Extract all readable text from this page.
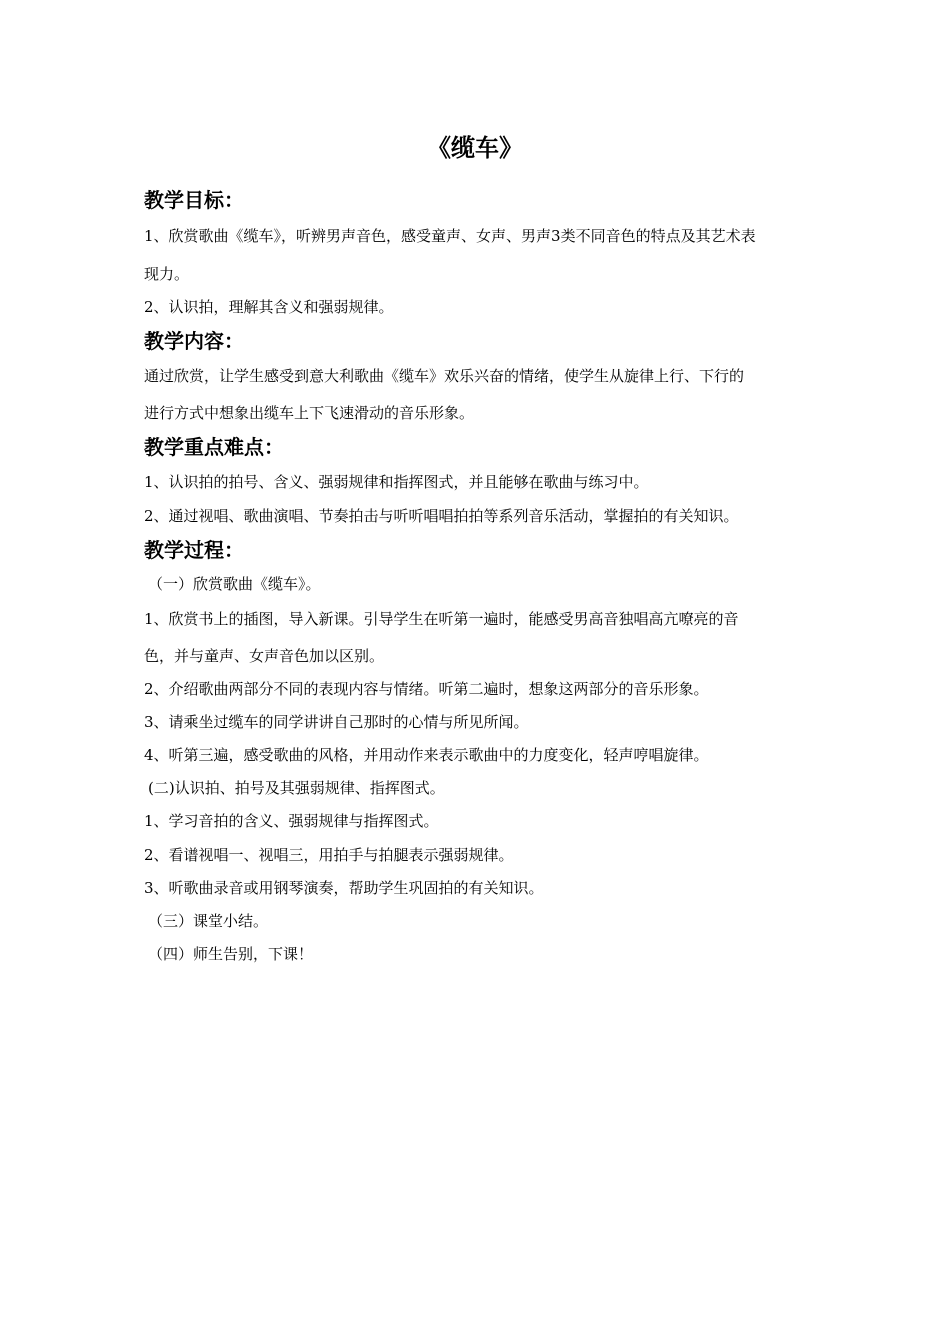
《缆车》
教学目标：

1、欣赏歌曲《缆车》，听辨男声音色，感受童声、女声、男声3类不同音色的特点及其艺术表

现力。

2、认识拍，理解其含义和强弱规律。

教学内容：

通过欣赏，让学生感受到意大利歌曲《缆车》欢乐兴奋的情绪，使学生从旋律上行、下行的

进行方式中想象出缆车上下飞速滑动的音乐形象。

教学重点难点：

1、认识拍的拍号、含义、强弱规律和指挥图式，并且能够在歌曲与练习中。

2、通过视唱、歌曲演唱、节奏拍击与听听唱唱拍拍等系列音乐活动，掌握拍的有关知识。

教学过程：

（一）欣赏歌曲《缆车》。

1、欣赏书上的插图，导入新课。引导学生在听第一遍时，能感受男高音独唱高亢嘹亮的音

色，并与童声、女声音色加以区别。

2、介绍歌曲两部分不同的表现内容与情绪。听第二遍时，想象这两部分的音乐形象。

3、请乘坐过缆车的同学讲讲自己那时的心情与所见所闻。

4、听第三遍，感受歌曲的风格，并用动作来表示歌曲中的力度变化，轻声哼唱旋律。

(二)认识拍、拍号及其强弱规律、指挥图式。

1、学习音拍的含义、强弱规律与指挥图式。

2、看谱视唱一、视唱三，用拍手与拍腿表示强弱规律。

3、听歌曲录音或用钢琴演奏，帮助学生巩固拍的有关知识。

（三）课堂小结。

（四）师生告别，下课！
